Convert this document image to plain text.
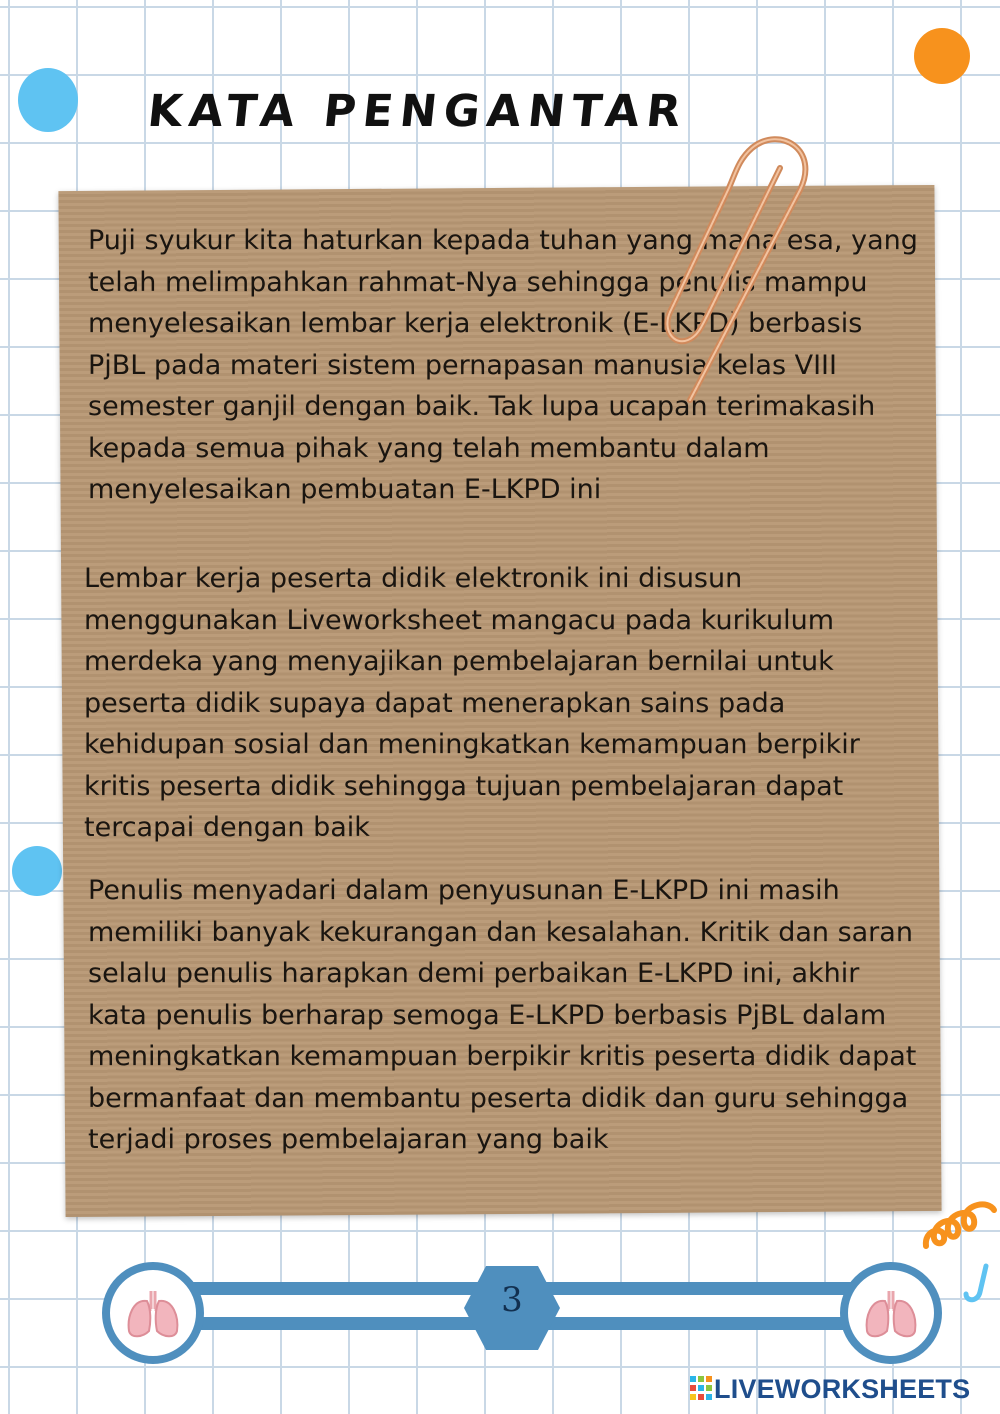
KATA PENGANTAR

Puji syukur kita haturkan kepada tuhan yang maha esa, yang telah melimpahkan rahmat-Nya sehingga penulis mampu menyelesaikan lembar kerja elektronik (E-LKPD) berbasis PjBL pada materi sistem pernapasan manusia kelas VIII semester ganjil dengan baik. Tak lupa ucapan terimakasih kepada semua pihak yang telah membantu dalam menyelesaikan pembuatan E-LKPD ini

Lembar kerja peserta didik elektronik ini disusun menggunakan Liveworksheet mangacu pada kurikulum merdeka yang menyajikan pembelajaran bernilai untuk peserta didik supaya dapat menerapkan sains pada kehidupan sosial dan meningkatkan kemampuan berpikir kritis peserta didik sehingga tujuan pembelajaran dapat tercapai dengan baik

Penulis menyadari dalam penyusunan E-LKPD ini masih memiliki banyak kekurangan dan kesalahan. Kritik dan saran selalu penulis harapkan demi perbaikan E-LKPD ini, akhir kata penulis berharap semoga E-LKPD berbasis PjBL dalam meningkatkan kemampuan berpikir kritis peserta didik dapat bermanfaat dan membantu peserta didik dan guru sehingga terjadi proses pembelajaran yang baik

3
LIVEWORKSHEETS
